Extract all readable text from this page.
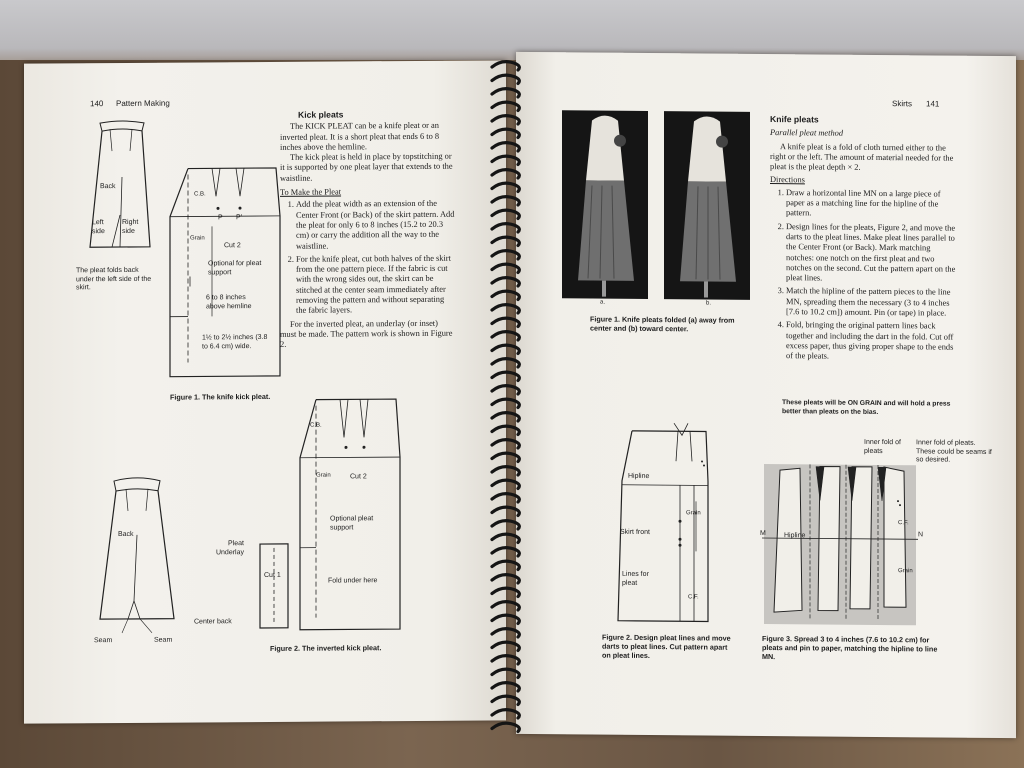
140 Pattern Making
Back
Left side
Right side
The pleat folds back under the left side of the skirt.
C.B.
P P'
Grain
Cut 2
Optional for pleat support
6 to 8 inches above hemline
1½ to 2½ inches (3.8 to 6.4 cm) wide.
Figure 1. The knife kick pleat.
Kick pleats

The KICK PLEAT can be a knife pleat or an inverted pleat. It is a short pleat that ends 6 to 8 inches above the hemline.

The kick pleat is held in place by topstitching or it is supported by one pleat layer that extends to the waistline.

To Make the Pleat
1. Add the pleat width as an extension of the Center Front (or Back) of the skirt pattern. Add the pleat for only 6 to 8 inches (15.2 to 20.3 cm) or carry the addition all the way to the waistline.
2. For the knife pleat, cut both halves of the skirt from the one pattern piece. If the fabric is cut with the wrong sides out, the skirt can be stitched at the center seam immediately after removing the pattern and without separating the fabric layers.

For the inverted pleat, an underlay (or inset) must be made. The pattern work is shown in Figure 2.

Back
Seam	Seam
C.B.
Grain	Cut 2
Optional pleat support
Pleat Underlay
Cut 1
Fold under here
Center back
Figure 2. The inverted kick pleat.
Skirts 141
a.	b.
Figure 1. Knife pleats folded (a) away from center and (b) toward center.
Knife pleats
Parallel pleat method

A knife pleat is a fold of cloth turned either to the right or the left. The amount of material needed for the pleat is the pleat depth × 2.

Directions
1. Draw a horizontal line MN on a large piece of paper as a matching line for the hipline of the pattern.
2. Design lines for the pleats, Figure 2, and move the darts to the pleat lines. Make pleat lines parallel to the Center Front (or Back). Mark matching notches: one notch on the first pleat and two notches on the second. Cut the pattern apart on the pleat lines.
3. Match the hipline of the pattern pieces to the line MN, spreading them the necessary (3 to 4 inches [7.6 to 10.2 cm]) amount. Pin (or tape) in place.
4. Fold, bringing the original pattern lines back together and including the dart in the fold. Cut off excess paper, thus giving proper shape to the ends of the pleats.
These pleats will be ON GRAIN and will hold a press better than pleats on the bias.
Hipline
Skirt front
Lines for pleat
Grain
C.F.
Figure 2. Design pleat lines and move darts to pleat lines. Cut pattern apart on pleat lines.
Inner fold of pleats
Inner fold of pleats. These could be seams if so desired.
M	N
Hipline
C.F.
Grain
Figure 3. Spread 3 to 4 inches (7.6 to 10.2 cm) for pleats and pin to paper, matching the hipline to line MN.
